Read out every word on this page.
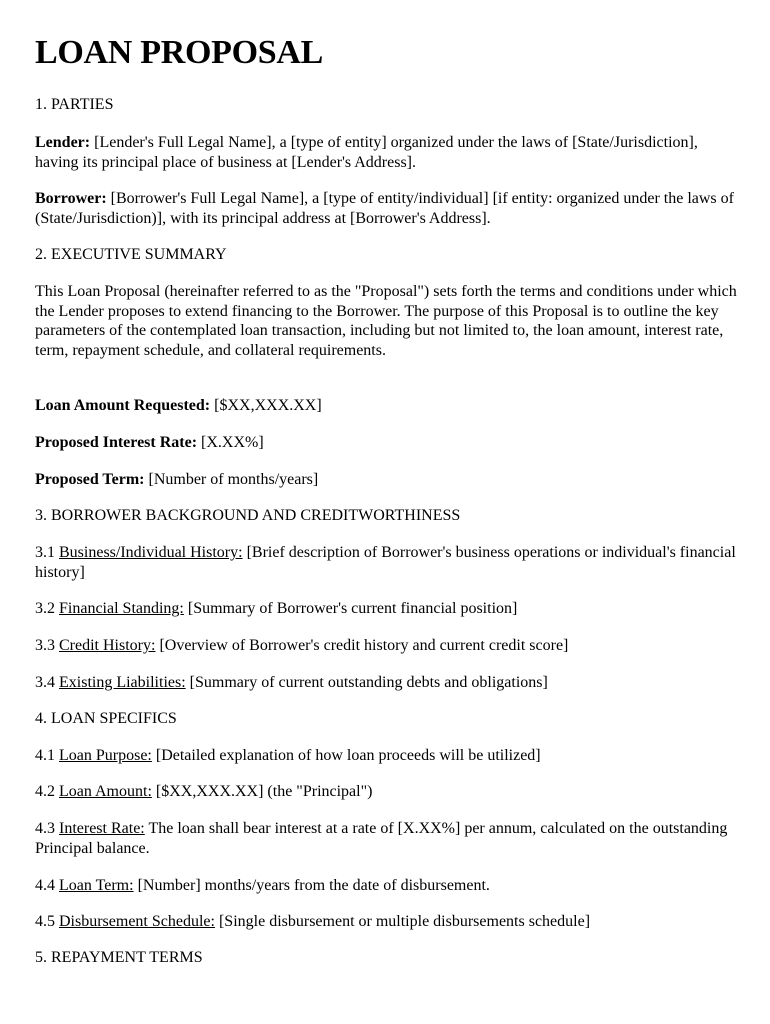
LOAN PROPOSAL

1. PARTIES

Lender: [Lender's Full Legal Name], a [type of entity] organized under the laws of [State/Jurisdiction], having its principal place of business at [Lender's Address].

Borrower: [Borrower's Full Legal Name], a [type of entity/individual] [if entity: organized under the laws of (State/Jurisdiction)], with its principal address at [Borrower's Address].

2. EXECUTIVE SUMMARY

This Loan Proposal (hereinafter referred to as the "Proposal") sets forth the terms and conditions under which the Lender proposes to extend financing to the Borrower. The purpose of this Proposal is to outline the key parameters of the contemplated loan transaction, including but not limited to, the loan amount, interest rate, term, repayment schedule, and collateral requirements.

Loan Amount Requested: [$XX,XXX.XX]

Proposed Interest Rate: [X.XX%]

Proposed Term: [Number of months/years]

3. BORROWER BACKGROUND AND CREDITWORTHINESS

3.1 Business/Individual History: [Brief description of Borrower's business operations or individual's financial history]

3.2 Financial Standing: [Summary of Borrower's current financial position]

3.3 Credit History: [Overview of Borrower's credit history and current credit score]

3.4 Existing Liabilities: [Summary of current outstanding debts and obligations]

4. LOAN SPECIFICS

4.1 Loan Purpose: [Detailed explanation of how loan proceeds will be utilized]

4.2 Loan Amount: [$XX,XXX.XX] (the "Principal")

4.3 Interest Rate: The loan shall bear interest at a rate of [X.XX%] per annum, calculated on the outstanding Principal balance.

4.4 Loan Term: [Number] months/years from the date of disbursement.

4.5 Disbursement Schedule: [Single disbursement or multiple disbursements schedule]

5. REPAYMENT TERMS
